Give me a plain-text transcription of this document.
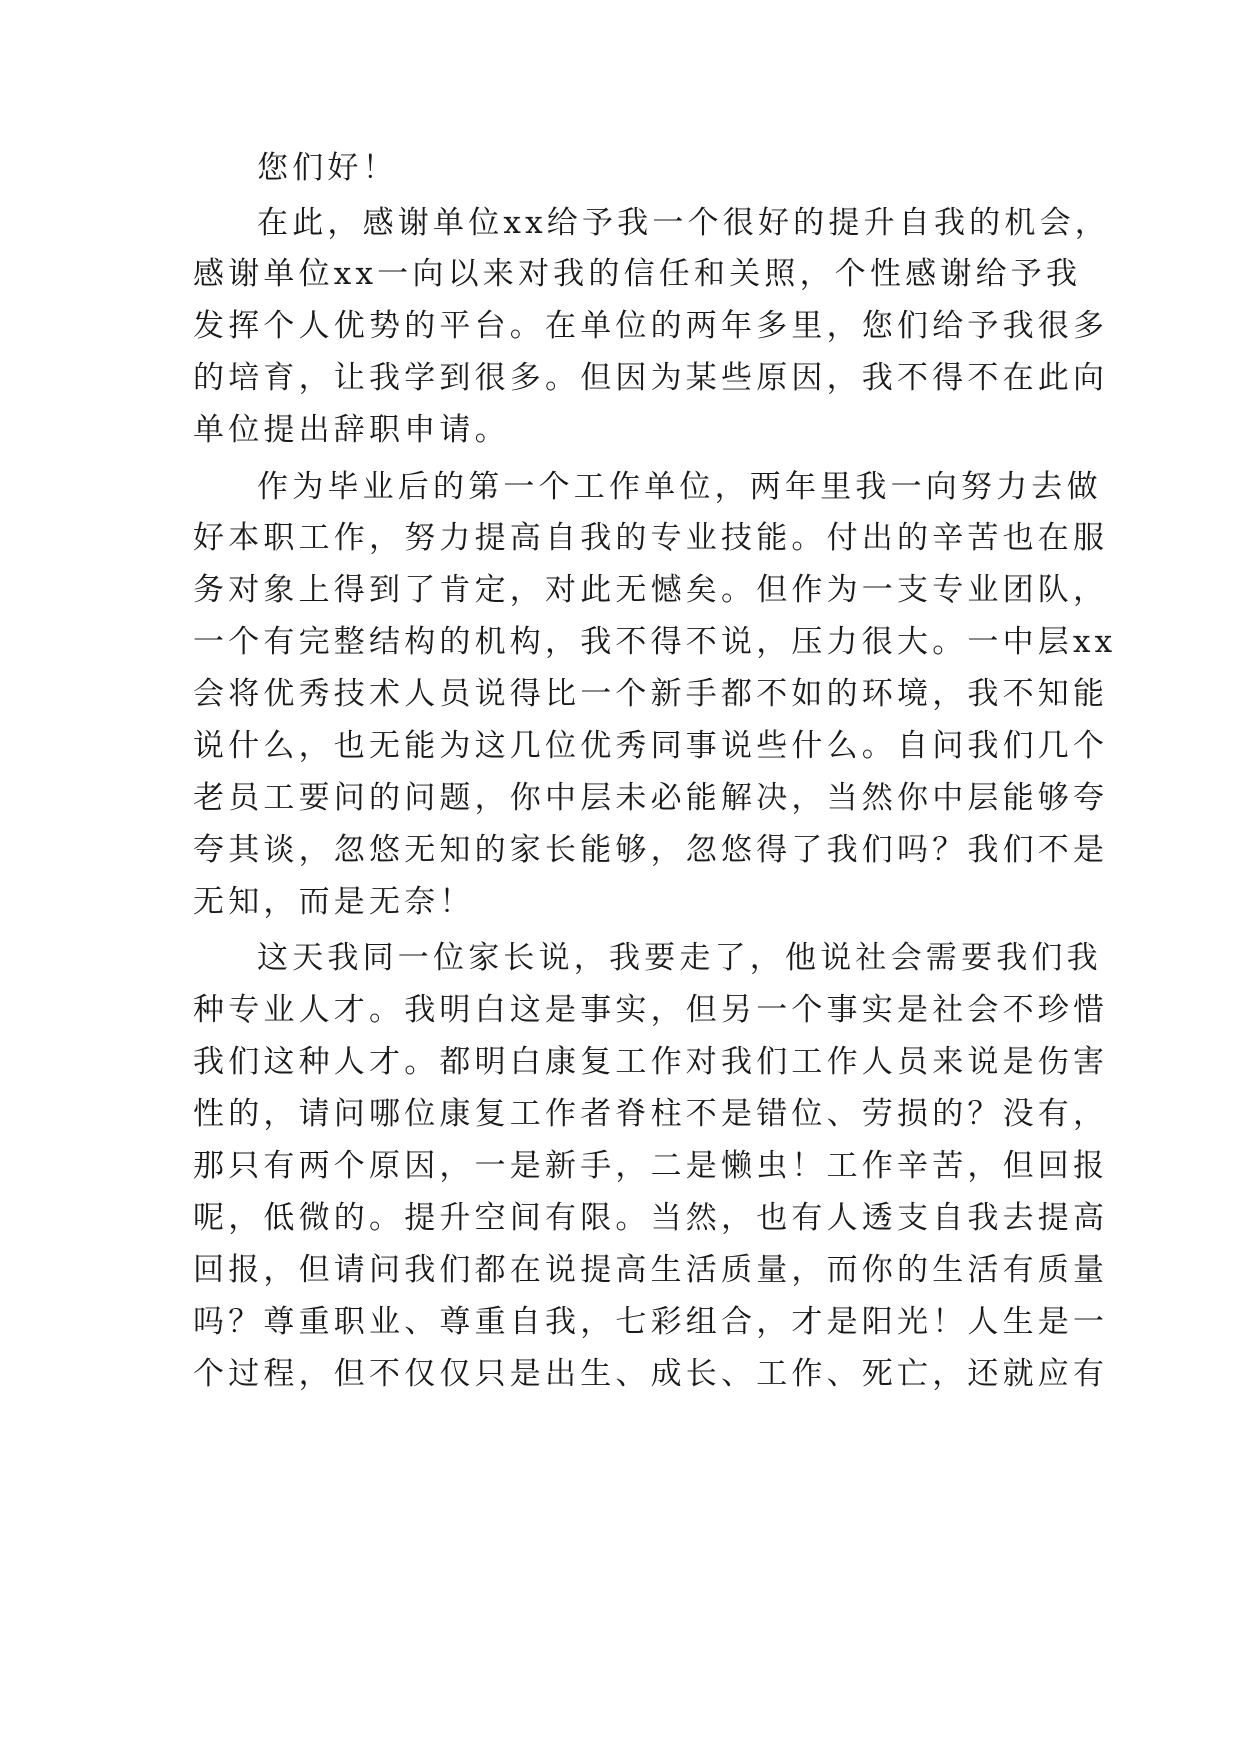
您们好！
在此，感谢单位xx给予我一个很好的提升自我的机会，
感谢单位xx一向以来对我的信任和关照，个性感谢给予我
发挥个人优势的平台。在单位的两年多里，您们给予我很多
的培育，让我学到很多。但因为某些原因，我不得不在此向
单位提出辞职申请。
作为毕业后的第一个工作单位，两年里我一向努力去做
好本职工作，努力提高自我的专业技能。付出的辛苦也在服
务对象上得到了肯定，对此无憾矣。但作为一支专业团队，
一个有完整结构的机构，我不得不说，压力很大。一中层xx
会将优秀技术人员说得比一个新手都不如的环境，我不知能
说什么，也无能为这几位优秀同事说些什么。自问我们几个
老员工要问的问题，你中层未必能解决，当然你中层能够夸
夸其谈，忽悠无知的家长能够，忽悠得了我们吗？我们不是
无知，而是无奈！
这天我同一位家长说，我要走了，他说社会需要我们我
种专业人才。我明白这是事实，但另一个事实是社会不珍惜
我们这种人才。都明白康复工作对我们工作人员来说是伤害
性的，请问哪位康复工作者脊柱不是错位、劳损的？没有，
那只有两个原因，一是新手，二是懒虫！工作辛苦，但回报
呢，低微的。提升空间有限。当然，也有人透支自我去提高
回报，但请问我们都在说提高生活质量，而你的生活有质量
吗？尊重职业、尊重自我，七彩组合，才是阳光！人生是一
个过程，但不仅仅只是出生、成长、工作、死亡，还就应有
